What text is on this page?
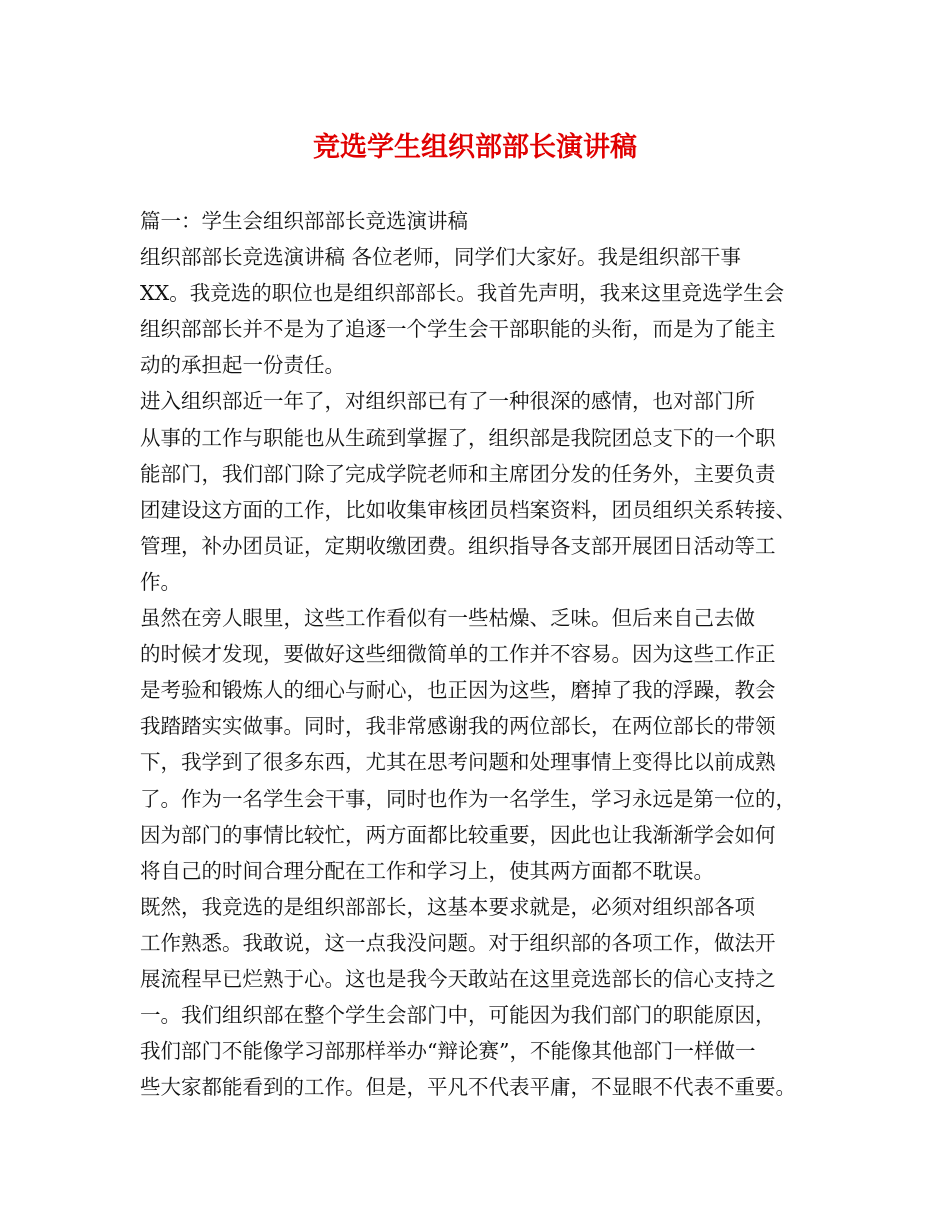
竞选学生组织部部长演讲稿
篇一：学生会组织部部长竞选演讲稿
组织部部长竞选演讲稿 各位老师，同学们大家好。我是组织部干事
XX。我竞选的职位也是组织部部长。我首先声明，我来这里竞选学生会
组织部部长并不是为了追逐一个学生会干部职能的头衔，而是为了能主
动的承担起一份责任。
进入组织部近一年了，对组织部已有了一种很深的感情，也对部门所
从事的工作与职能也从生疏到掌握了，组织部是我院团总支下的一个职
能部门，我们部门除了完成学院老师和主席团分发的任务外，主要负责
团建设这方面的工作，比如收集审核团员档案资料，团员组织关系转接、
管理，补办团员证，定期收缴团费。组织指导各支部开展团日活动等工
作。
虽然在旁人眼里，这些工作看似有一些枯燥、乏味。但后来自己去做
的时候才发现，要做好这些细微简单的工作并不容易。因为这些工作正
是考验和锻炼人的细心与耐心，也正因为这些，磨掉了我的浮躁，教会
我踏踏实实做事。同时，我非常感谢我的两位部长，在两位部长的带领
下，我学到了很多东西，尤其在思考问题和处理事情上变得比以前成熟
了。作为一名学生会干事，同时也作为一名学生，学习永远是第一位的，
因为部门的事情比较忙，两方面都比较重要，因此也让我渐渐学会如何
将自己的时间合理分配在工作和学习上，使其两方面都不耽误。
既然，我竞选的是组织部部长，这基本要求就是，必须对组织部各项
工作熟悉。我敢说，这一点我没问题。对于组织部的各项工作，做法开
展流程早已烂熟于心。这也是我今天敢站在这里竞选部长的信心支持之
一。我们组织部在整个学生会部门中，可能因为我们部门的职能原因，
我们部门不能像学习部那样举办“辩论赛”，不能像其他部门一样做一
些大家都能看到的工作。但是，平凡不代表平庸，不显眼不代表不重要。
